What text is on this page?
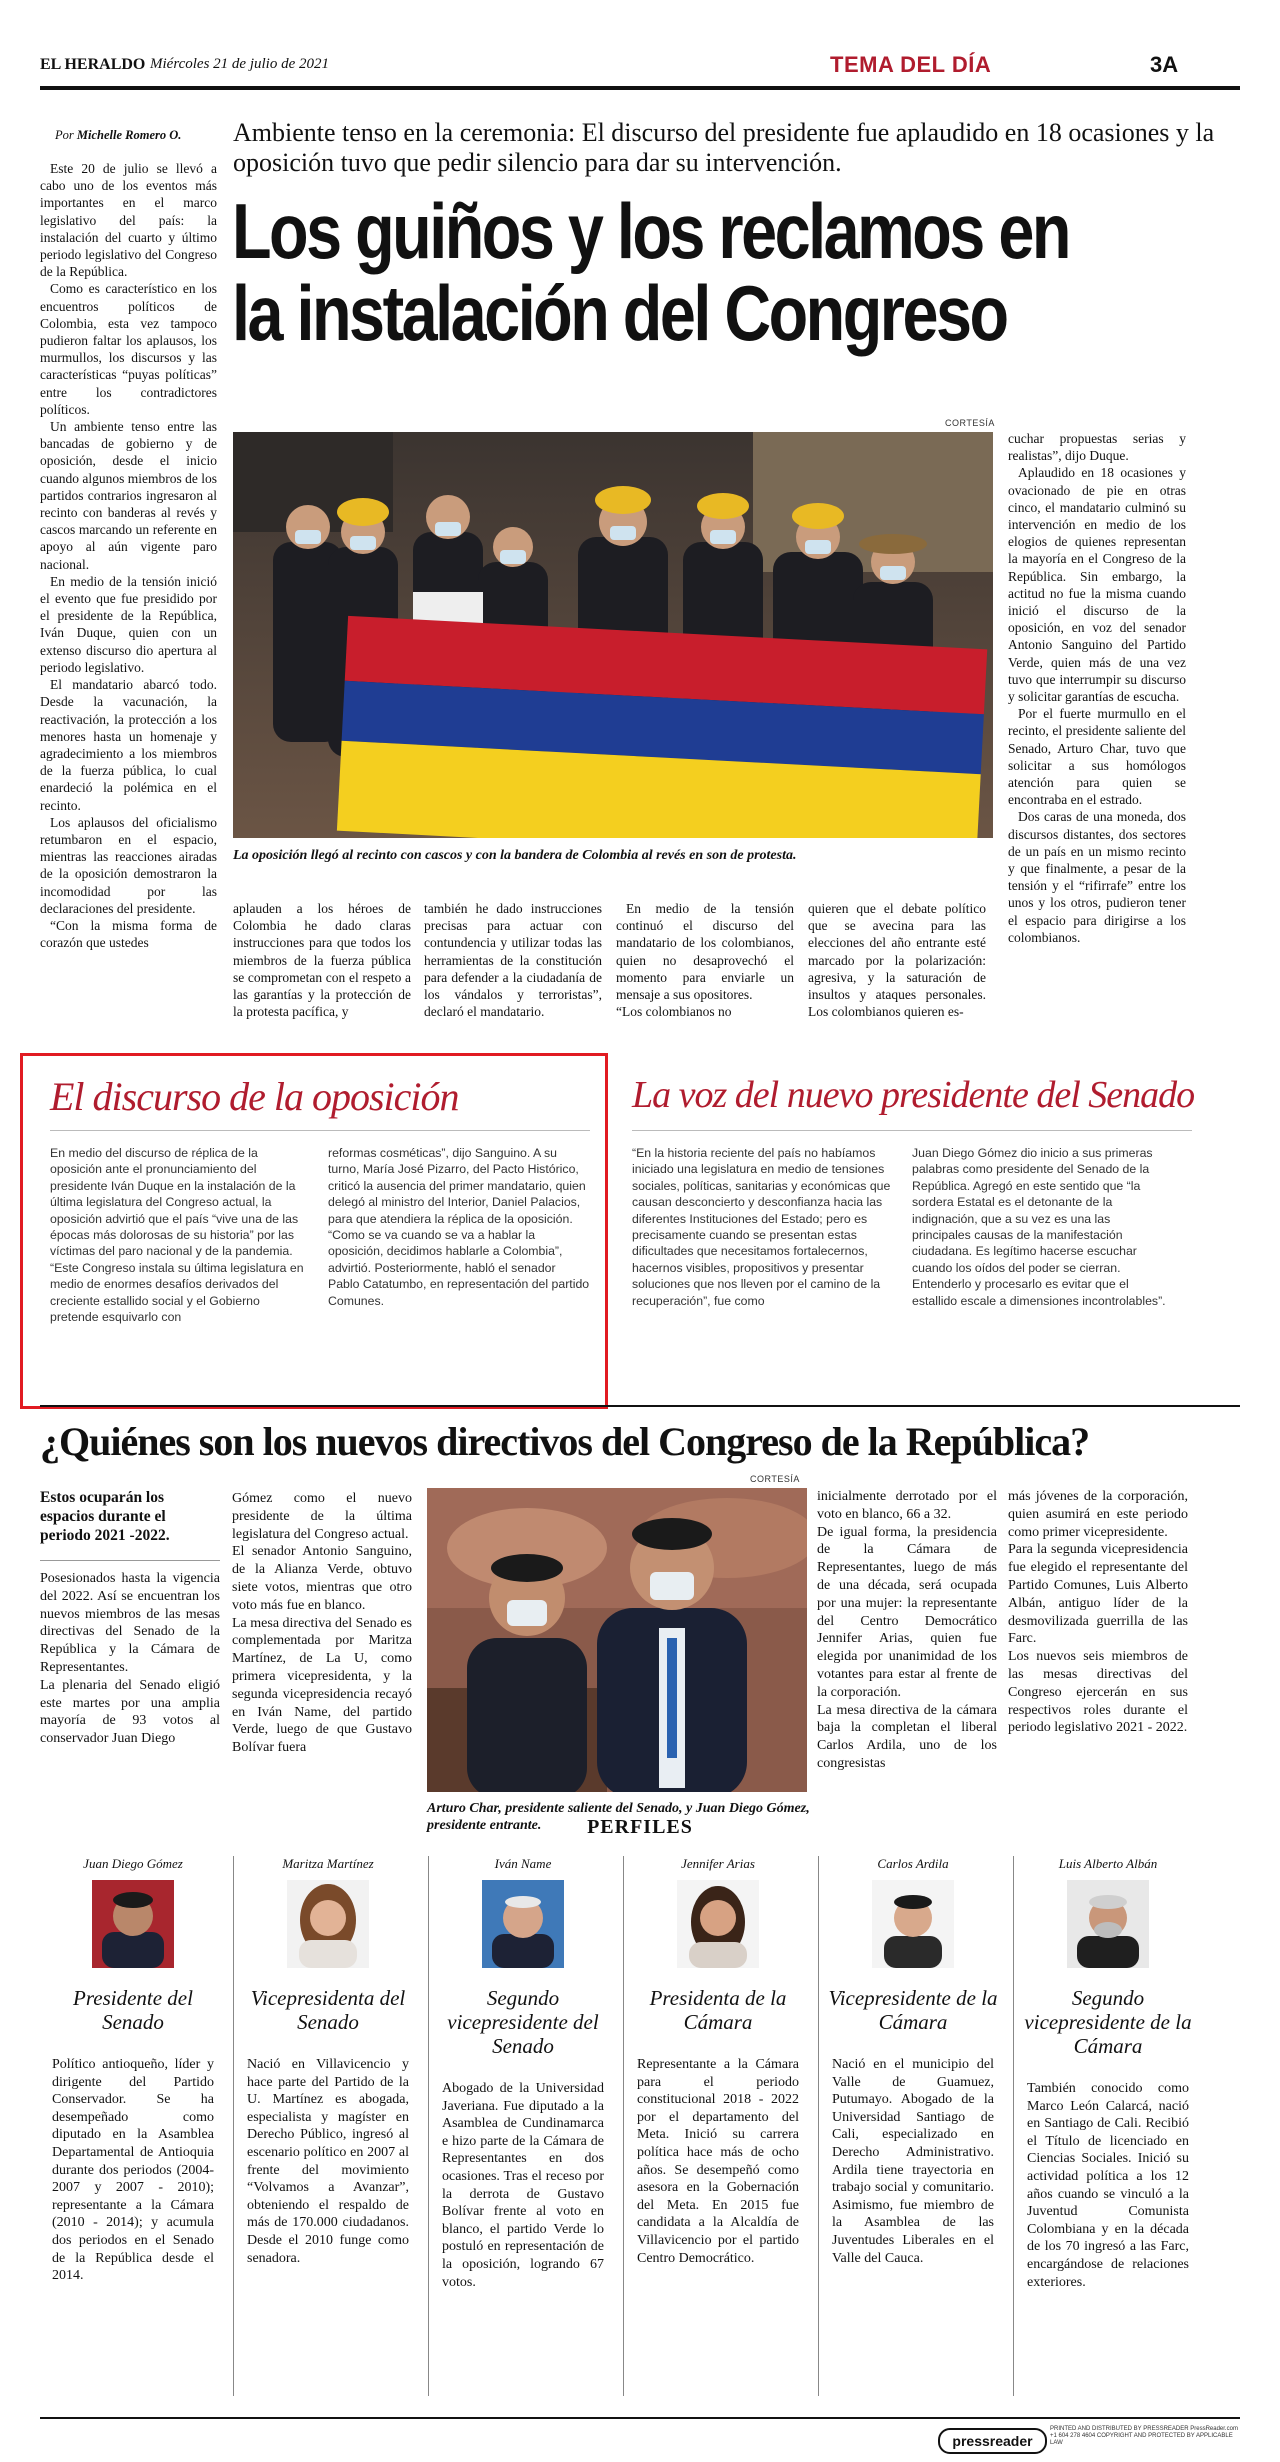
EL HERALDO Miércoles 21 de julio de 2021	TEMA DEL DÍA	3A
Por Michelle Romero O.

Este 20 de julio se llevó a cabo uno de los eventos más importantes en el marco legislativo del país: la instalación del cuarto y último periodo legislativo del Congreso de la República.

Como es característico en los encuentros políticos de Colombia, esta vez tampoco pudieron faltar los aplausos, los murmullos, los discursos y las características “puyas políticas” entre los contradictores políticos.

Un ambiente tenso entre las bancadas de gobierno y de oposición, desde el inicio cuando algunos miembros de los partidos contrarios ingresaron al recinto con banderas al revés y cascos marcando un referente en apoyo al aún vigente paro nacional.

En medio de la tensión inició el evento que fue presidido por el presidente de la República, Iván Duque, quien con un extenso discurso dio apertura al periodo legislativo.

El mandatario abarcó todo. Desde la vacunación, la reactivación, la protección a los menores hasta un homenaje y agradecimiento a los miembros de la fuerza pública, lo cual enardeció la polémica en el recinto.

Los aplausos del oficialismo retumbaron en el espacio, mientras las reacciones airadas de la oposición demostraron la incomodidad por las declaraciones del presidente.

“Con la misma forma de corazón que ustedes

Ambiente tenso en la ceremonia: El discurso del presidente fue aplaudido en 18 ocasiones y la oposición tuvo que pedir silencio para dar su intervención.
Los guiños y los reclamos en
la instalación del Congreso
CORTESÍA
La oposición llegó al recinto con cascos y con la bandera de Colombia al revés en son de protesta.

aplauden a los héroes de Colombia he dado claras instrucciones para que todos los miembros de la fuerza pública se comprometan con el respeto a las garantías y la protección de la protesta pacífica, y

también he dado instrucciones precisas para actuar con contundencia y utilizar todas las herramientas de la constitución para defender a la ciudadanía de los vándalos y terroristas”, declaró el mandatario.

En medio de la tensión continuó el discurso del mandatario de los colombianos, quien no desaprovechó el momento para enviarle un mensaje a sus opositores.
“Los colombianos no

quieren que el debate político que se avecina para las elecciones del año entrante esté marcado por la polarización: agresiva, y la saturación de insultos y ataques personales. Los colombianos quieren es-

cuchar propuestas serias y realistas”, dijo Duque.

Aplaudido en 18 ocasiones y ovacionado de pie en otras cinco, el mandatario culminó su intervención en medio de los elogios de quienes representan la mayoría en el Congreso de la República. Sin embargo, la actitud no fue la misma cuando inició el discurso de la oposición, en voz del senador Antonio Sanguino del Partido Verde, quien más de una vez tuvo que interrumpir su discurso y solicitar garantías de escucha.

Por el fuerte murmullo en el recinto, el presidente saliente del Senado, Arturo Char, tuvo que solicitar a sus homólogos atención para quien se encontraba en el estrado.

Dos caras de una moneda, dos discursos distantes, dos sectores de un país en un mismo recinto y que finalmente, a pesar de la tensión y el “rifirrafe” entre los unos y los otros, pudieron tener el espacio para dirigirse a los colombianos.

El discurso de la oposición
En medio del discurso de réplica de la oposición ante el pronunciamiento del presidente Iván Duque en la instalación de la última legislatura del Congreso actual, la oposición advirtió que el país “vive una de las épocas más dolorosas de su historia” por las víctimas del paro nacional y de la pandemia. “Este Congreso instala su última legislatura en medio de enormes desafíos derivados del creciente estallido social y el Gobierno pretende esquivarlo con
reformas cosméticas”, dijo Sanguino. A su turno, María José Pizarro, del Pacto Histórico, criticó la ausencia del primer mandatario, quien delegó al ministro del Interior, Daniel Palacios, para que atendiera la réplica de la oposición. “Como se va cuando se va a hablar la oposición, decidimos hablarle a Colombia”, advirtió. Posteriormente, habló el senador Pablo Catatumbo, en representación del partido Comunes.
La voz del nuevo presidente del Senado
“En la historia reciente del país no habíamos iniciado una legislatura en medio de tensiones sociales, políticas, sanitarias y económicas que causan desconcierto y desconfianza hacia las diferentes Instituciones del Estado; pero es precisamente cuando se presentan estas dificultades que necesitamos fortalecernos, hacernos visibles, propositivos y presentar soluciones que nos lleven por el camino de la recuperación”, fue como
Juan Diego Gómez dio inicio a sus primeras palabras como presidente del Senado de la República. Agregó en este sentido que “la sordera Estatal es el detonante de la indignación, que a su vez es una las principales causas de la manifestación ciudadana. Es legítimo hacerse escuchar cuando los oídos del poder se cierran. Entenderlo y procesarlo es evitar que el estallido escale a dimensiones incontrolables”.
¿Quiénes son los nuevos directivos del Congreso de la República?
Estos ocuparán los espacios durante el periodo 2021 -2022.
Posesionados hasta la vigencia del 2022. Así se encuentran los nuevos miembros de las mesas directivas del Senado de la República y la Cámara de Representantes.
La plenaria del Senado eligió este martes por una amplia mayoría de 93 votos al conservador Juan Diego
Gómez como el nuevo presidente de la última legislatura del Congreso actual.
El senador Antonio Sanguino, de la Alianza Verde, obtuvo siete votos, mientras que otro voto más fue en blanco.
La mesa directiva del Senado es complementada por Maritza Martínez, de La U, como primera vicepresidenta, y la segunda vicepresidencia recayó en Iván Name, del partido Verde, luego de que Gustavo Bolívar fuera
CORTESÍA
Arturo Char, presidente saliente del Senado, y Juan Diego Gómez, presidente entrante.
inicialmente derrotado por el voto en blanco, 66 a 32.
De igual forma, la presidencia de la Cámara de Representantes, luego de más de una década, será ocupada por una mujer: la representante del Centro Democrático Jennifer Arias, quien fue elegida por unanimidad de los votantes para estar al frente de la corporación.
La mesa directiva de la cámara baja la completan el liberal Carlos Ardila, uno de los congresistas
más jóvenes de la corporación, quien asumirá en este periodo como primer vicepresidente.
Para la segunda vicepresidencia fue elegido el representante del Partido Comunes, Luis Alberto Albán, antiguo líder de la desmovilizada guerrilla de las Farc.
Los nuevos seis miembros de las mesas directivas del Congreso ejercerán en sus respectivos roles durante el periodo legislativo 2021 - 2022.
PERFILES
Juan Diego Gómez
Presidente del Senado
Político antioqueño, líder y dirigente del Partido Conservador. Se ha desempeñado como diputado en la Asamblea Departamental de Antioquia durante dos periodos (2004-2007 y 2007 - 2010); representante a la Cámara (2010 - 2014); y acumula dos periodos en el Senado de la República desde el 2014.
Maritza Martínez
Vicepresidenta del Senado
Nació en Villavicencio y hace parte del Partido de la U. Martínez es abogada, especialista y magíster en Derecho Público, ingresó al escenario político en 2007 al frente del movimiento “Volvamos a Avanzar”, obteniendo el respaldo de más de 170.000 ciudadanos. Desde el 2010 funge como senadora.
Iván Name
Segundo vicepresidente del Senado
Abogado de la Universidad Javeriana. Fue diputado a la Asamblea de Cundinamarca e hizo parte de la Cámara de Representantes en dos ocasiones. Tras el receso por la derrota de Gustavo Bolívar frente al voto en blanco, el partido Verde lo postuló en representación de la oposición, logrando 67 votos.
Jennifer Arias
Presidenta de la Cámara
Representante a la Cámara para el periodo constitucional 2018 - 2022 por el departamento del Meta. Inició su carrera política hace más de ocho años. Se desempeñó como asesora en la Gobernación del Meta. En 2015 fue candidata a la Alcaldía de Villavicencio por el partido Centro Democrático.
Carlos Ardila
Vicepresidente de la Cámara
Nació en el municipio del Valle de Guamuez, Putumayo. Abogado de la Universidad Santiago de Cali, especializado en Derecho Administrativo. Ardila tiene trayectoria en trabajo social y comunitario. Asimismo, fue miembro de la Asamblea de las Juventudes Liberales en el Valle del Cauca.
Luis Alberto Albán
Segundo vicepresidente de la Cámara
También conocido como Marco León Calarcá, nació en Santiago de Cali. Recibió el Título de licenciado en Ciencias Sociales. Inició su actividad política a los 12 años cuando se vinculó a la Juventud Comunista Colombiana y en la década de los 70 ingresó a las Farc, encargándose de relaciones exteriores.
pressreader
PRINTED AND DISTRIBUTED BY PRESSREADER PressReader.com +1 604 278 4604 COPYRIGHT AND PROTECTED BY APPLICABLE LAW
